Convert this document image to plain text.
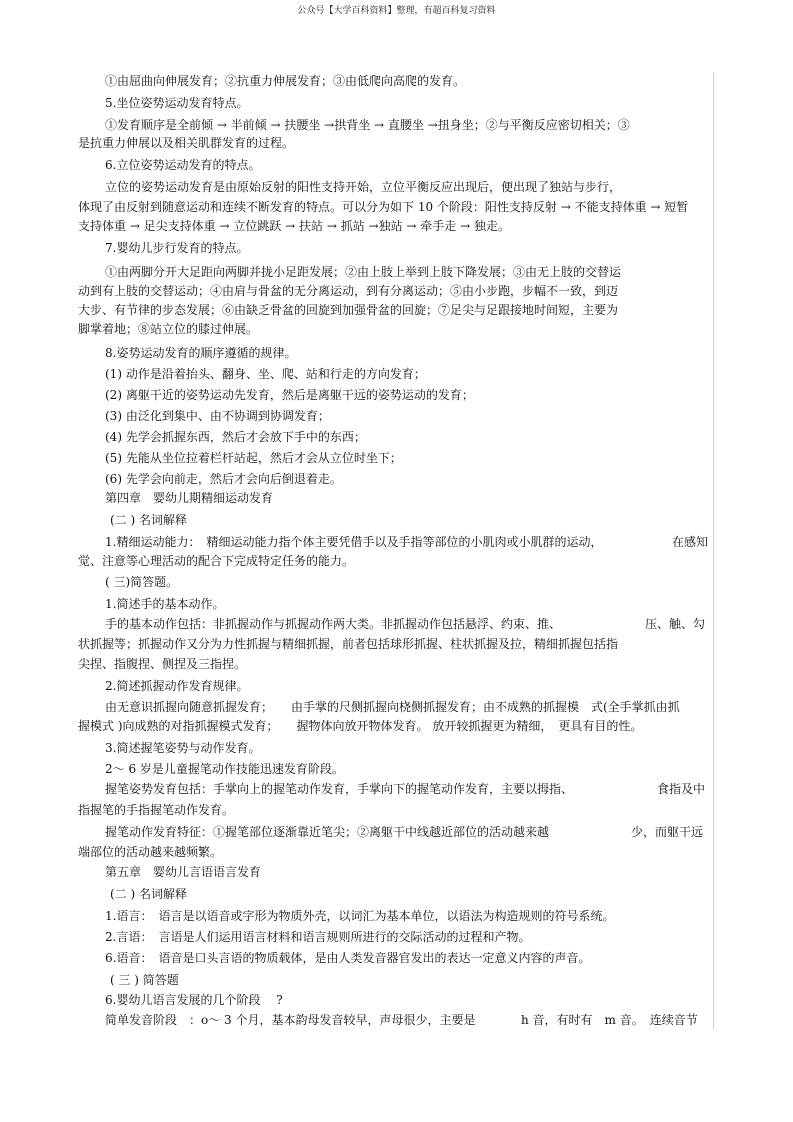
公众号【大学百科资料】整理，有超百科复习资料
①由屈曲向伸展发育；②抗重力伸展发育；③由低爬向高爬的发育。
5.坐位姿势运动发育特点。
①发育顺序是全前倾 → 半前倾 → 扶腰坐 →拱背坐 → 直腰坐 →扭身坐；②与平衡反应密切相关；③
是抗重力伸展以及相关肌群发育的过程。
6.立位姿势运动发育的特点。
立位的姿势运动发育是由原始反射的阳性支持开始，立位平衡反应出现后，便出现了独站与步行，
体现了由反射到随意运动和连续不断发育的特点。可以分为如下 10 个阶段：阳性支持反射 → 不能支持体重 → 短暂
支持体重 → 足尖支持体重 → 立位跳跃 → 扶站 → 抓站 →独站 → 牵手走 → 独走。
7.婴幼儿步行发育的特点。
①由两脚分开大足距向两脚并拢小足距发展；②由上肢上举到上肢下降发展；③由无上肢的交替运
动到有上肢的交替运动；④由肩与骨盆的无分离运动，到有分离运动；⑤由小步跑，步幅不一致，到迈
大步、有节律的步态发展；⑥由缺乏骨盆的回旋到加强骨盆的回旋；⑦足尖与足跟接地时间短，主要为
脚掌着地；⑧站立位的膝过伸展。
8.姿势运动发育的顺序遵循的规律。
(1) 动作是沿着抬头、翻身、坐、爬、站和行走的方向发育；
(2) 离躯干近的姿势运动先发育，然后是离躯干远的姿势运动的发育；
(3) 由泛化到集中、由不协调到协调发育；
(4) 先学会抓握东西，然后才会放下手中的东西；
(5) 先能从坐位拉着栏杆站起，然后才会从立位时坐下；
(6) 先学会向前走，然后才会向后倒退着走。
第四章　婴幼儿期精细运动发育
(二 ) 名词解释
1.精细运动能力：　精细运动能力指个体主要凭借手以及手指等部位的小肌肉或小肌群的运动，	在感知
觉、注意等心理活动的配合下完成特定任务的能力。
( 三)简答题。
1.简述手的基本动作。
手的基本动作包括：非抓握动作与抓握动作两大类。非抓握动作包括悬浮、约束、推、	压、触、勾
状抓握等；抓握动作又分为力性抓握与精细抓握，前者包括球形抓握、柱状抓握及拉，精细抓握包括指
尖捏、指腹捏、侧捏及三指捏。
2.简述抓握动作发育规律。
由无意识抓握向随意抓握发育；　　由手掌的尺侧抓握向桡侧抓握发育；由不成熟的抓握模　式(全手掌抓由抓
握模式 )向成熟的对指抓握模式发育；　　握物体向放开物体发育。 放开较抓握更为精细，　更具有目的性。
3.简述握笔姿势与动作发育。
2～ 6 岁是儿童握笔动作技能迅速发育阶段。
握笔姿势发育包括：手掌向上的握笔动作发育，手掌向下的握笔动作发育，主要以拇指、	食指及中
指握笔的手指握笔动作发育。
握笔动作发育特征：①握笔部位逐渐靠近笔尖；②离躯干中线越近部位的活动越来越	少，而躯干远
端部位的活动越来越频繁。
第五章　婴幼儿言语语言发育
(二 ) 名词解释
1.语言：　语言是以语音或字形为物质外壳，以词汇为基本单位，以语法为构造规则的符号系统。
2.言语：　言语是人们运用语言材料和语言规则所进行的交际活动的过程和产物。
6.语音：　语音是口头言语的物质载体，是由人类发音器官发出的表达一定意义内容的声音。
( 三 ) 简答题
6.婴幼儿语言发展的几个阶段　 ?
简单发音阶段　：o～ 3 个月，基本韵母发音较早，声母很少，主要是	h 音，有时有　m 音。　连续音节
